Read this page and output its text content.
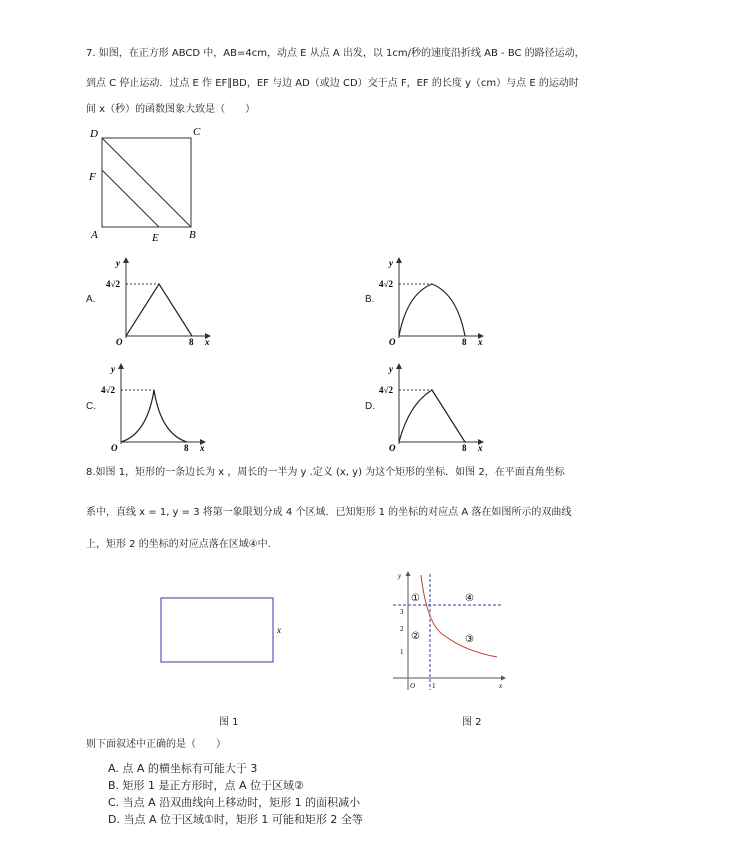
7. 如图，在正方形 ABCD 中，AB=4cm，动点 E 从点 A 出发，以 1cm/秒的速度沿折线 AB - BC 的路径运动，
到点 C 停止运动．过点 E 作 EF∥BD，EF 与边 AD（或边 CD）交于点 F，EF 的长度 y（cm）与点 E 的运动时
间 x（秒）的函数图象大致是（　　）
D	C
F
A	E	B
A.
y
4√2
O	8 x
B.
y
4√2
O	8 x
C.
y
4√2
O	8 x
D.
y
4√2
O	8 x
8.如图 1，矩形的一条边长为 x ，周长的一半为 y .定义 (x, y) 为这个矩形的坐标．如图 2，在平面直角坐标
系中，直线 x = 1, y = 3 将第一象限划分成 4 个区域．已知矩形 1 的坐标的对应点 A 落在如图所示的双曲线
上，矩形 2 的坐标的对应点落在区域④中.
x
y
①	④
②	③
3
2
1
O 1	x
图 1	图 2
则下面叙述中正确的是（　　）
A. 点 A 的横坐标有可能大于 3
B. 矩形 1 是正方形时，点 A 位于区域②
C. 当点 A 沿双曲线向上移动时，矩形 1 的面积减小
D. 当点 A 位于区域①时，矩形 1 可能和矩形 2 全等
